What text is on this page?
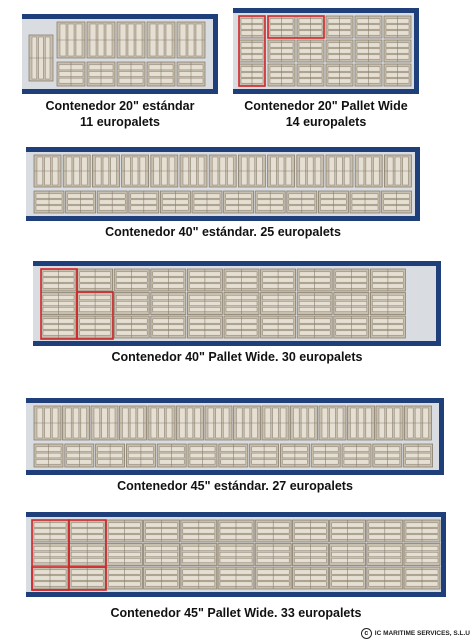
Contenedor 20" estándar
11 europalets
Contenedor 20" Pallet Wide
14 europalets
Contenedor 40" estándar. 25 europalets
Contenedor 40" Pallet Wide. 30 europalets
Contenedor 45" estándar. 27 europalets
Contenedor 45" Pallet Wide. 33 europalets
c	IC MARITIME SERVICES, S.L.U
